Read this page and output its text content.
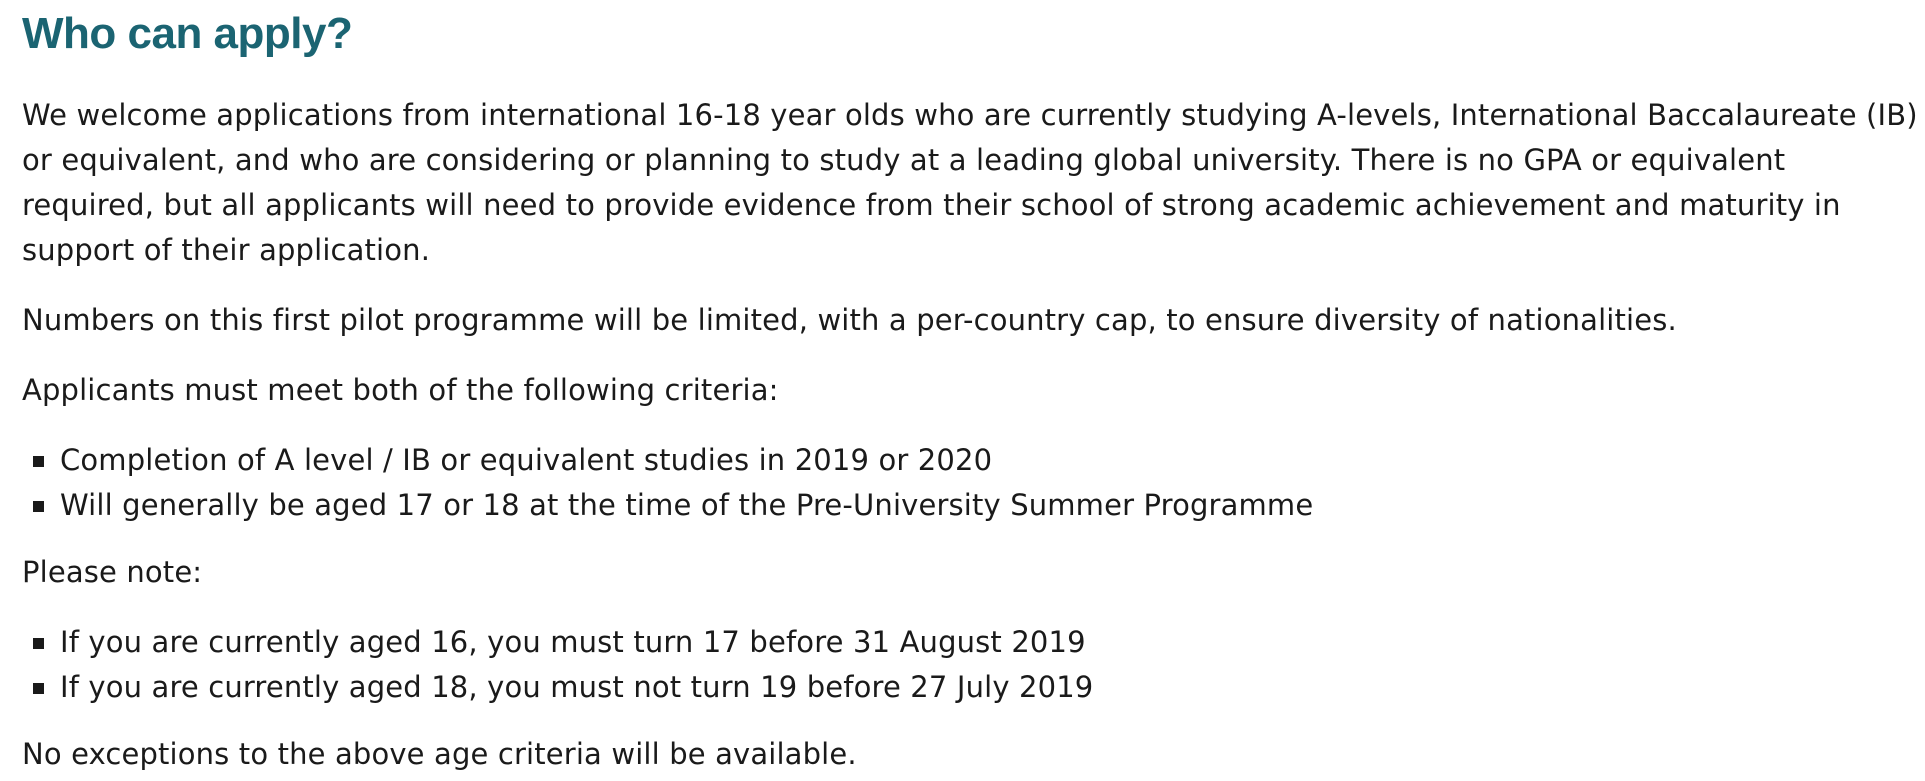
Who can apply?

We welcome applications from international 16-18 year olds who are currently studying A-levels, International Baccalaureate (IB) or equivalent, and who are considering or planning to study at a leading global university. There is no GPA or equivalent required, but all applicants will need to provide evidence from their school of strong academic achievement and maturity in support of their application.

Numbers on this first pilot programme will be limited, with a per-country cap, to ensure diversity of nationalities.

Applicants must meet both of the following criteria:

Completion of A level / IB or equivalent studies in 2019 or 2020
Will generally be aged 17 or 18 at the time of the Pre-University Summer Programme

Please note:

If you are currently aged 16, you must turn 17 before 31 August 2019
If you are currently aged 18, you must not turn 19 before 27 July 2019

No exceptions to the above age criteria will be available.
